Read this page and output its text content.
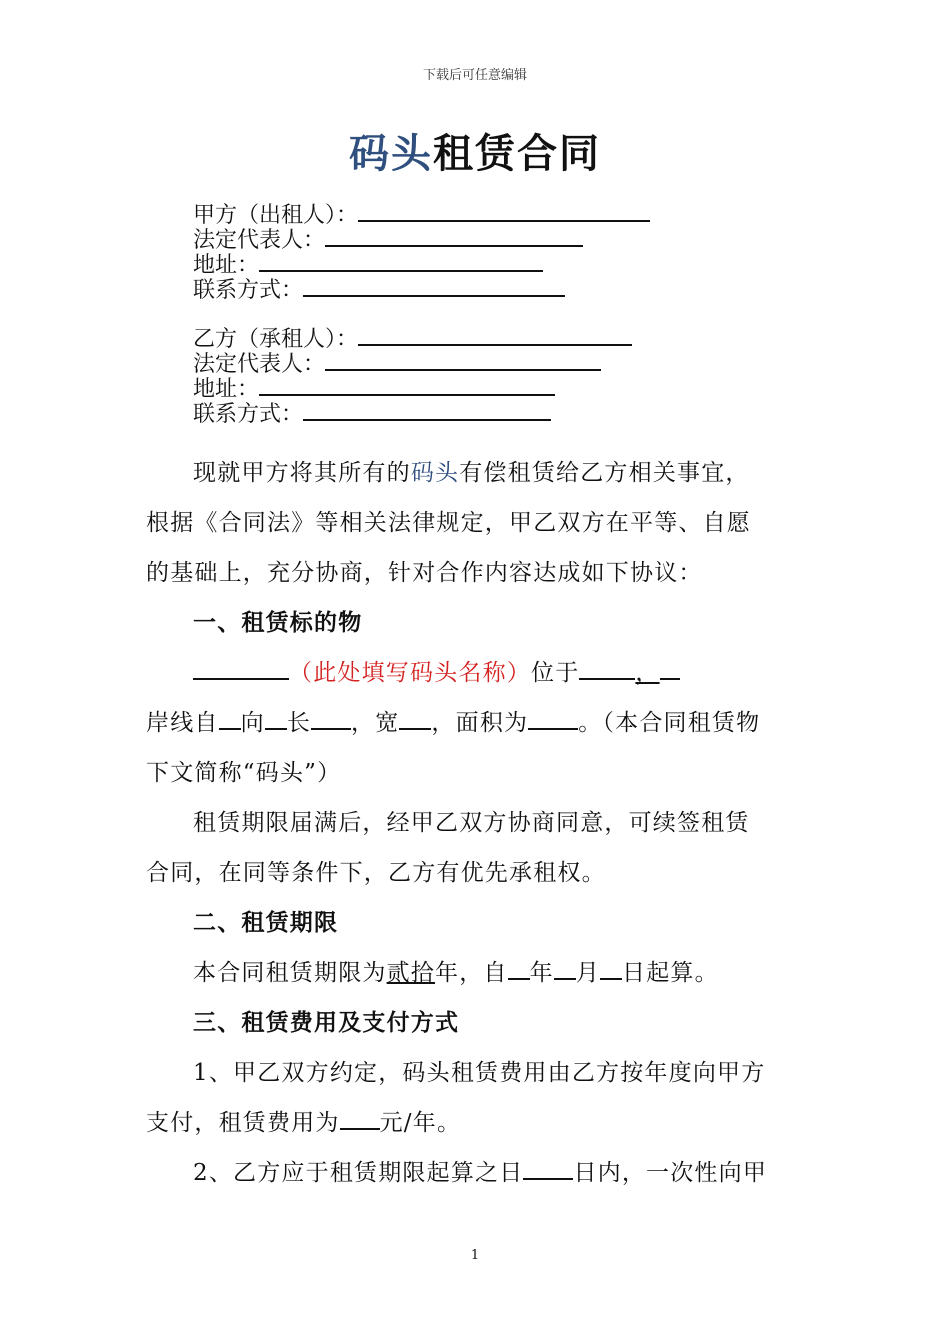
下载后可任意编辑
码头租赁合同
甲方（出租人）：
法定代表人：
地址：
联系方式：
乙方（承租人）：
法定代表人：
地址：
联系方式：
现就甲方将其所有的码头有偿租赁给乙方相关事宜，
根据《合同法》等相关法律规定，甲乙双方在平等、自愿
的基础上，充分协商，针对合作内容达成如下协议：
一、租赁标的物
（此处填写码头名称）位于 ，
岸线自 向 长 ，宽 ，面积为 。（本合同租赁物
下文简称“码头”）
租赁期限届满后，经甲乙双方协商同意，可续签租赁
合同，在同等条件下，乙方有优先承租权。
二、租赁期限
本合同租赁期限为贰拾年，自 年 月 日起算。
三、租赁费用及支付方式
1、甲乙双方约定，码头租赁费用由乙方按年度向甲方
支付，租赁费用为 元/年。
2、乙方应于租赁期限起算之日 日内，一次性向甲
1
